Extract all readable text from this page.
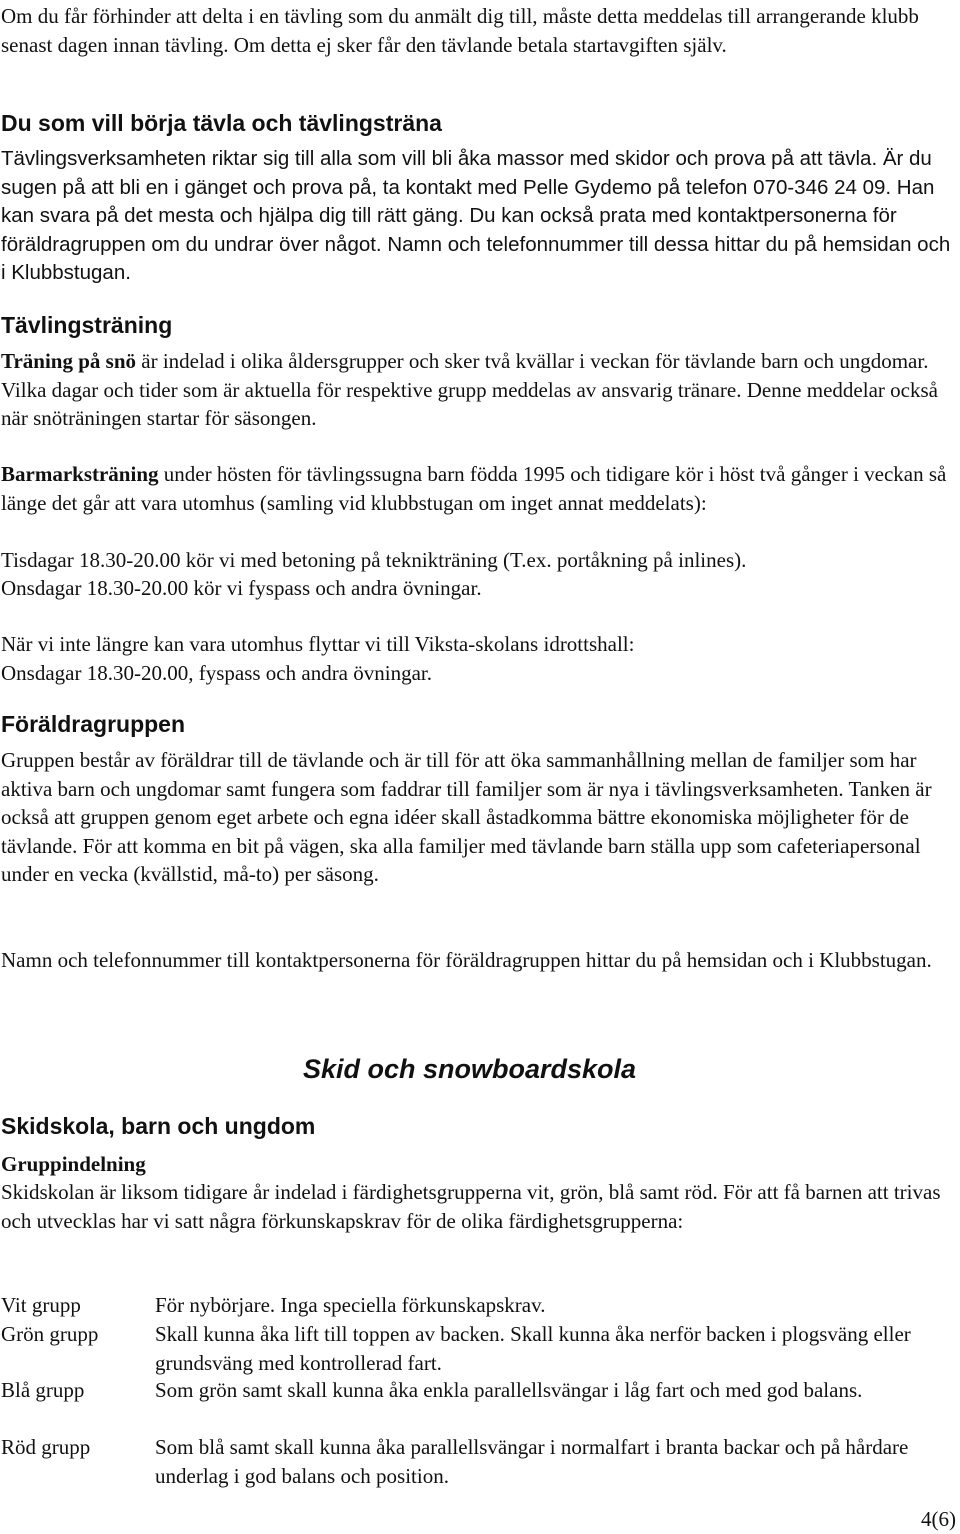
Om du får förhinder att delta i en tävling som du anmält dig till, måste detta meddelas till arrangerande klubb senast dagen innan tävling. Om detta ej sker får den tävlande betala startavgiften själv.

Du som vill börja tävla och tävlingsträna

Tävlingsverksamheten riktar sig till alla som vill bli åka massor med skidor och prova på att tävla. Är du sugen på att bli en i gänget och prova på, ta kontakt med Pelle Gydemo på telefon 070-346 24 09. Han kan svara på det mesta och hjälpa dig till rätt gäng. Du kan också prata med kontaktpersonerna för föräldragruppen om du undrar över något. Namn och telefonnummer till dessa hittar du på hemsidan och i Klubbstugan.

Tävlingsträning

Träning på snö är indelad i olika åldersgrupper och sker två kvällar i veckan för tävlande barn och ungdomar. Vilka dagar och tider som är aktuella för respektive grupp meddelas av ansvarig tränare. Denne meddelar också när snöträningen startar för säsongen.

Barmarksträning under hösten för tävlingssugna barn födda 1995 och tidigare kör i höst två gånger i veckan så länge det går att vara utomhus (samling vid klubbstugan om inget annat meddelats):

Tisdagar 18.30-20.00 kör vi med betoning på teknikträning (T.ex. portåkning på inlines).

Onsdagar 18.30-20.00 kör vi fyspass och andra övningar.

När vi inte längre kan vara utomhus flyttar vi till Viksta-skolans idrottshall:

Onsdagar 18.30-20.00, fyspass och andra övningar.

Föräldragruppen

Gruppen består av föräldrar till de tävlande och är till för att öka sammanhållning mellan de familjer som har aktiva barn och ungdomar samt fungera som faddrar till familjer som är nya i tävlingsverksamheten. Tanken är också att gruppen genom eget arbete och egna idéer skall åstadkomma bättre ekonomiska möjligheter för de tävlande. För att komma en bit på vägen, ska alla familjer med tävlande barn ställa upp som cafeteriapersonal under en vecka (kvällstid, må-to) per säsong.

Namn och telefonnummer till kontaktpersonerna för föräldragruppen hittar du på hemsidan och i Klubbstugan.

Skid och snowboardskola
Skidskola, barn och ungdom

Gruppindelning

Skidskolan är liksom tidigare år indelad i färdighetsgrupperna vit, grön, blå samt röd. För att få barnen att trivas och utvecklas har vi satt några förkunskapskrav för de olika färdighetsgrupperna:

Vit grupp	För nybörjare. Inga speciella förkunskapskrav.
Grön grupp	Skall kunna åka lift till toppen av backen. Skall kunna åka nerför backen i plogsväng eller grundsväng med kontrollerad fart.
Blå grupp	Som grön samt skall kunna åka enkla parallellsvängar i låg fart och med god balans.
Röd grupp	Som blå samt skall kunna åka parallellsvängar i normalfart i branta backar och på hårdare underlag i god balans och position.
4(6)
